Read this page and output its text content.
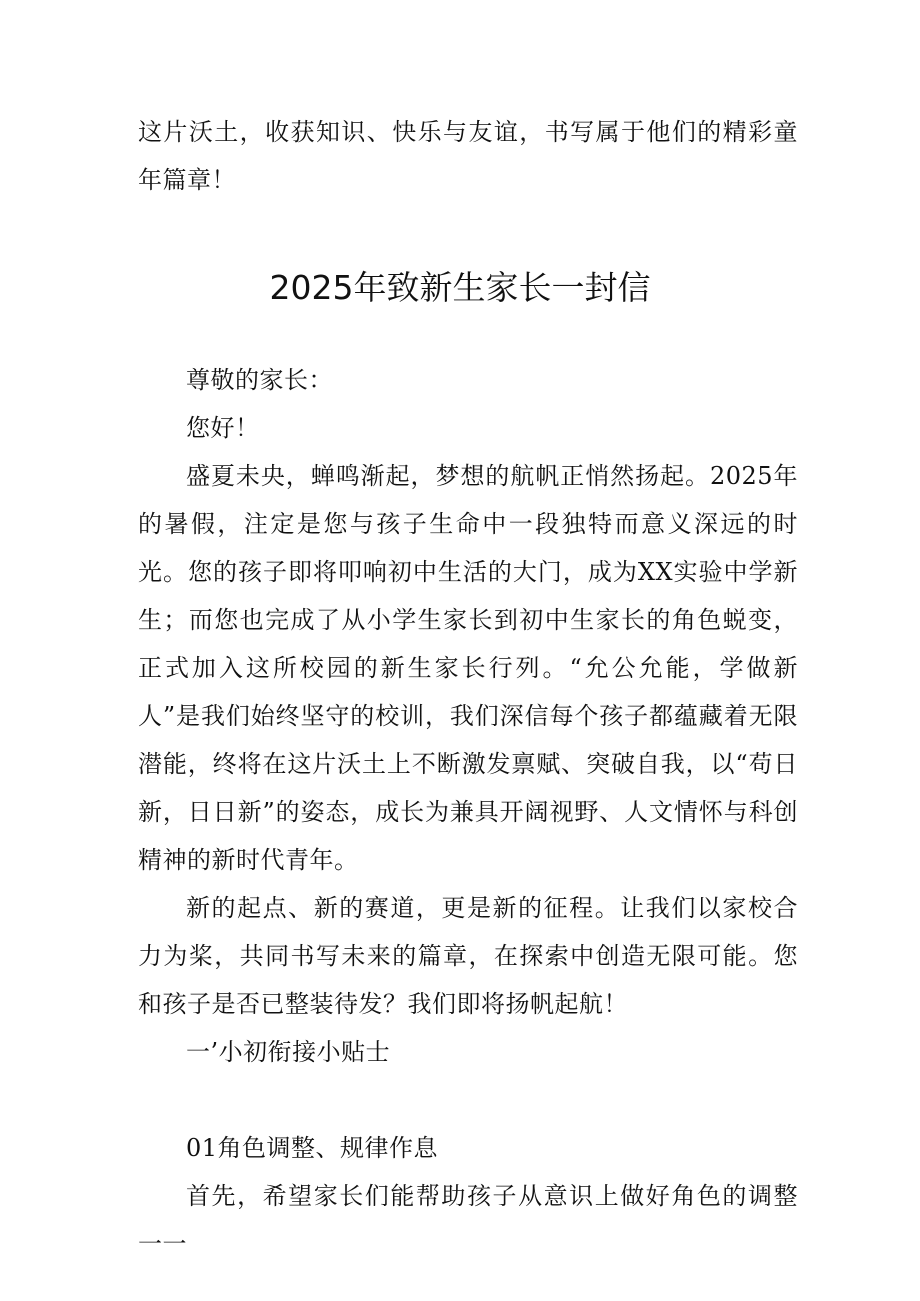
这片沃土，收获知识、快乐与友谊，书写属于他们的精彩童年篇章！
2025年致新生家长一封信

尊敬的家长：

您好！

盛夏未央，蝉鸣渐起，梦想的航帆正悄然扬起。2025年的暑假，注定是您与孩子生命中一段独特而意义深远的时光。您的孩子即将叩响初中生活的大门，成为XX实验中学新生；而您也完成了从小学生家长到初中生家长的角色蜕变，正式加入这所校园的新生家长行列。“允公允能，学做新人”是我们始终坚守的校训，我们深信每个孩子都蕴藏着无限潜能，终将在这片沃土上不断激发禀赋、突破自我，以“苟日新，日日新”的姿态，成长为兼具开阔视野、人文情怀与科创精神的新时代青年。

新的起点、新的赛道，更是新的征程。让我们以家校合力为桨，共同书写未来的篇章，在探索中创造无限可能。您和孩子是否已整装待发？我们即将扬帆起航！

一’小初衔接小贴士

01角色调整、规律作息

首先，希望家长们能帮助孩子从意识上做好角色的调整一一
